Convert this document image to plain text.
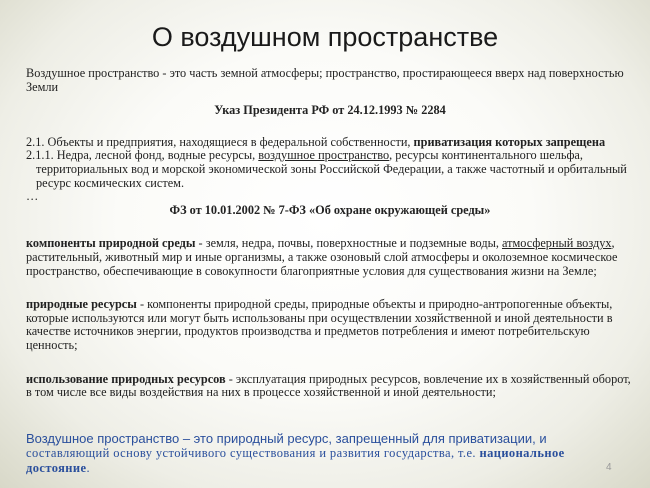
О воздушном пространстве

Воздушное пространство - это часть земной атмосферы; пространство, простирающееся вверх над поверхностью Земли

Указ Президента РФ от 24.12.1993 № 2284

2.1. Объекты и предприятия, находящиеся в федеральной собственности, приватизация которых запрещена

2.1.1. Недра, лесной фонд, водные ресурсы, воздушное пространство, ресурсы континентального шельфа, территориальных вод и морской экономической зоны Российской Федерации, а также частотный и орбитальный ресурс космических систем.

…

ФЗ от 10.01.2002 № 7-ФЗ «Об охране окружающей среды»

компоненты природной среды - земля, недра, почвы, поверхностные и подземные воды, атмосферный воздух, растительный, животный мир и иные организмы, а также озоновый слой атмосферы и околоземное космическое пространство, обеспечивающие в совокупности благоприятные условия для существования жизни на Земле;

природные ресурсы - компоненты природной среды, природные объекты и природно-антропогенные объекты, которые используются или могут быть использованы при осуществлении хозяйственной и иной деятельности в качестве источников энергии, продуктов производства и предметов потребления и имеют потребительскую ценность;

использование природных ресурсов - эксплуатация природных ресурсов, вовлечение их в хозяйственный оборот, в том числе все виды воздействия на них в процессе хозяйственной и иной деятельности;

Воздушное пространство – это природный ресурс, запрещенный для приватизации, и
составляющий основу устойчивого существования и развития государства, т.е. национальное достояние.	4
